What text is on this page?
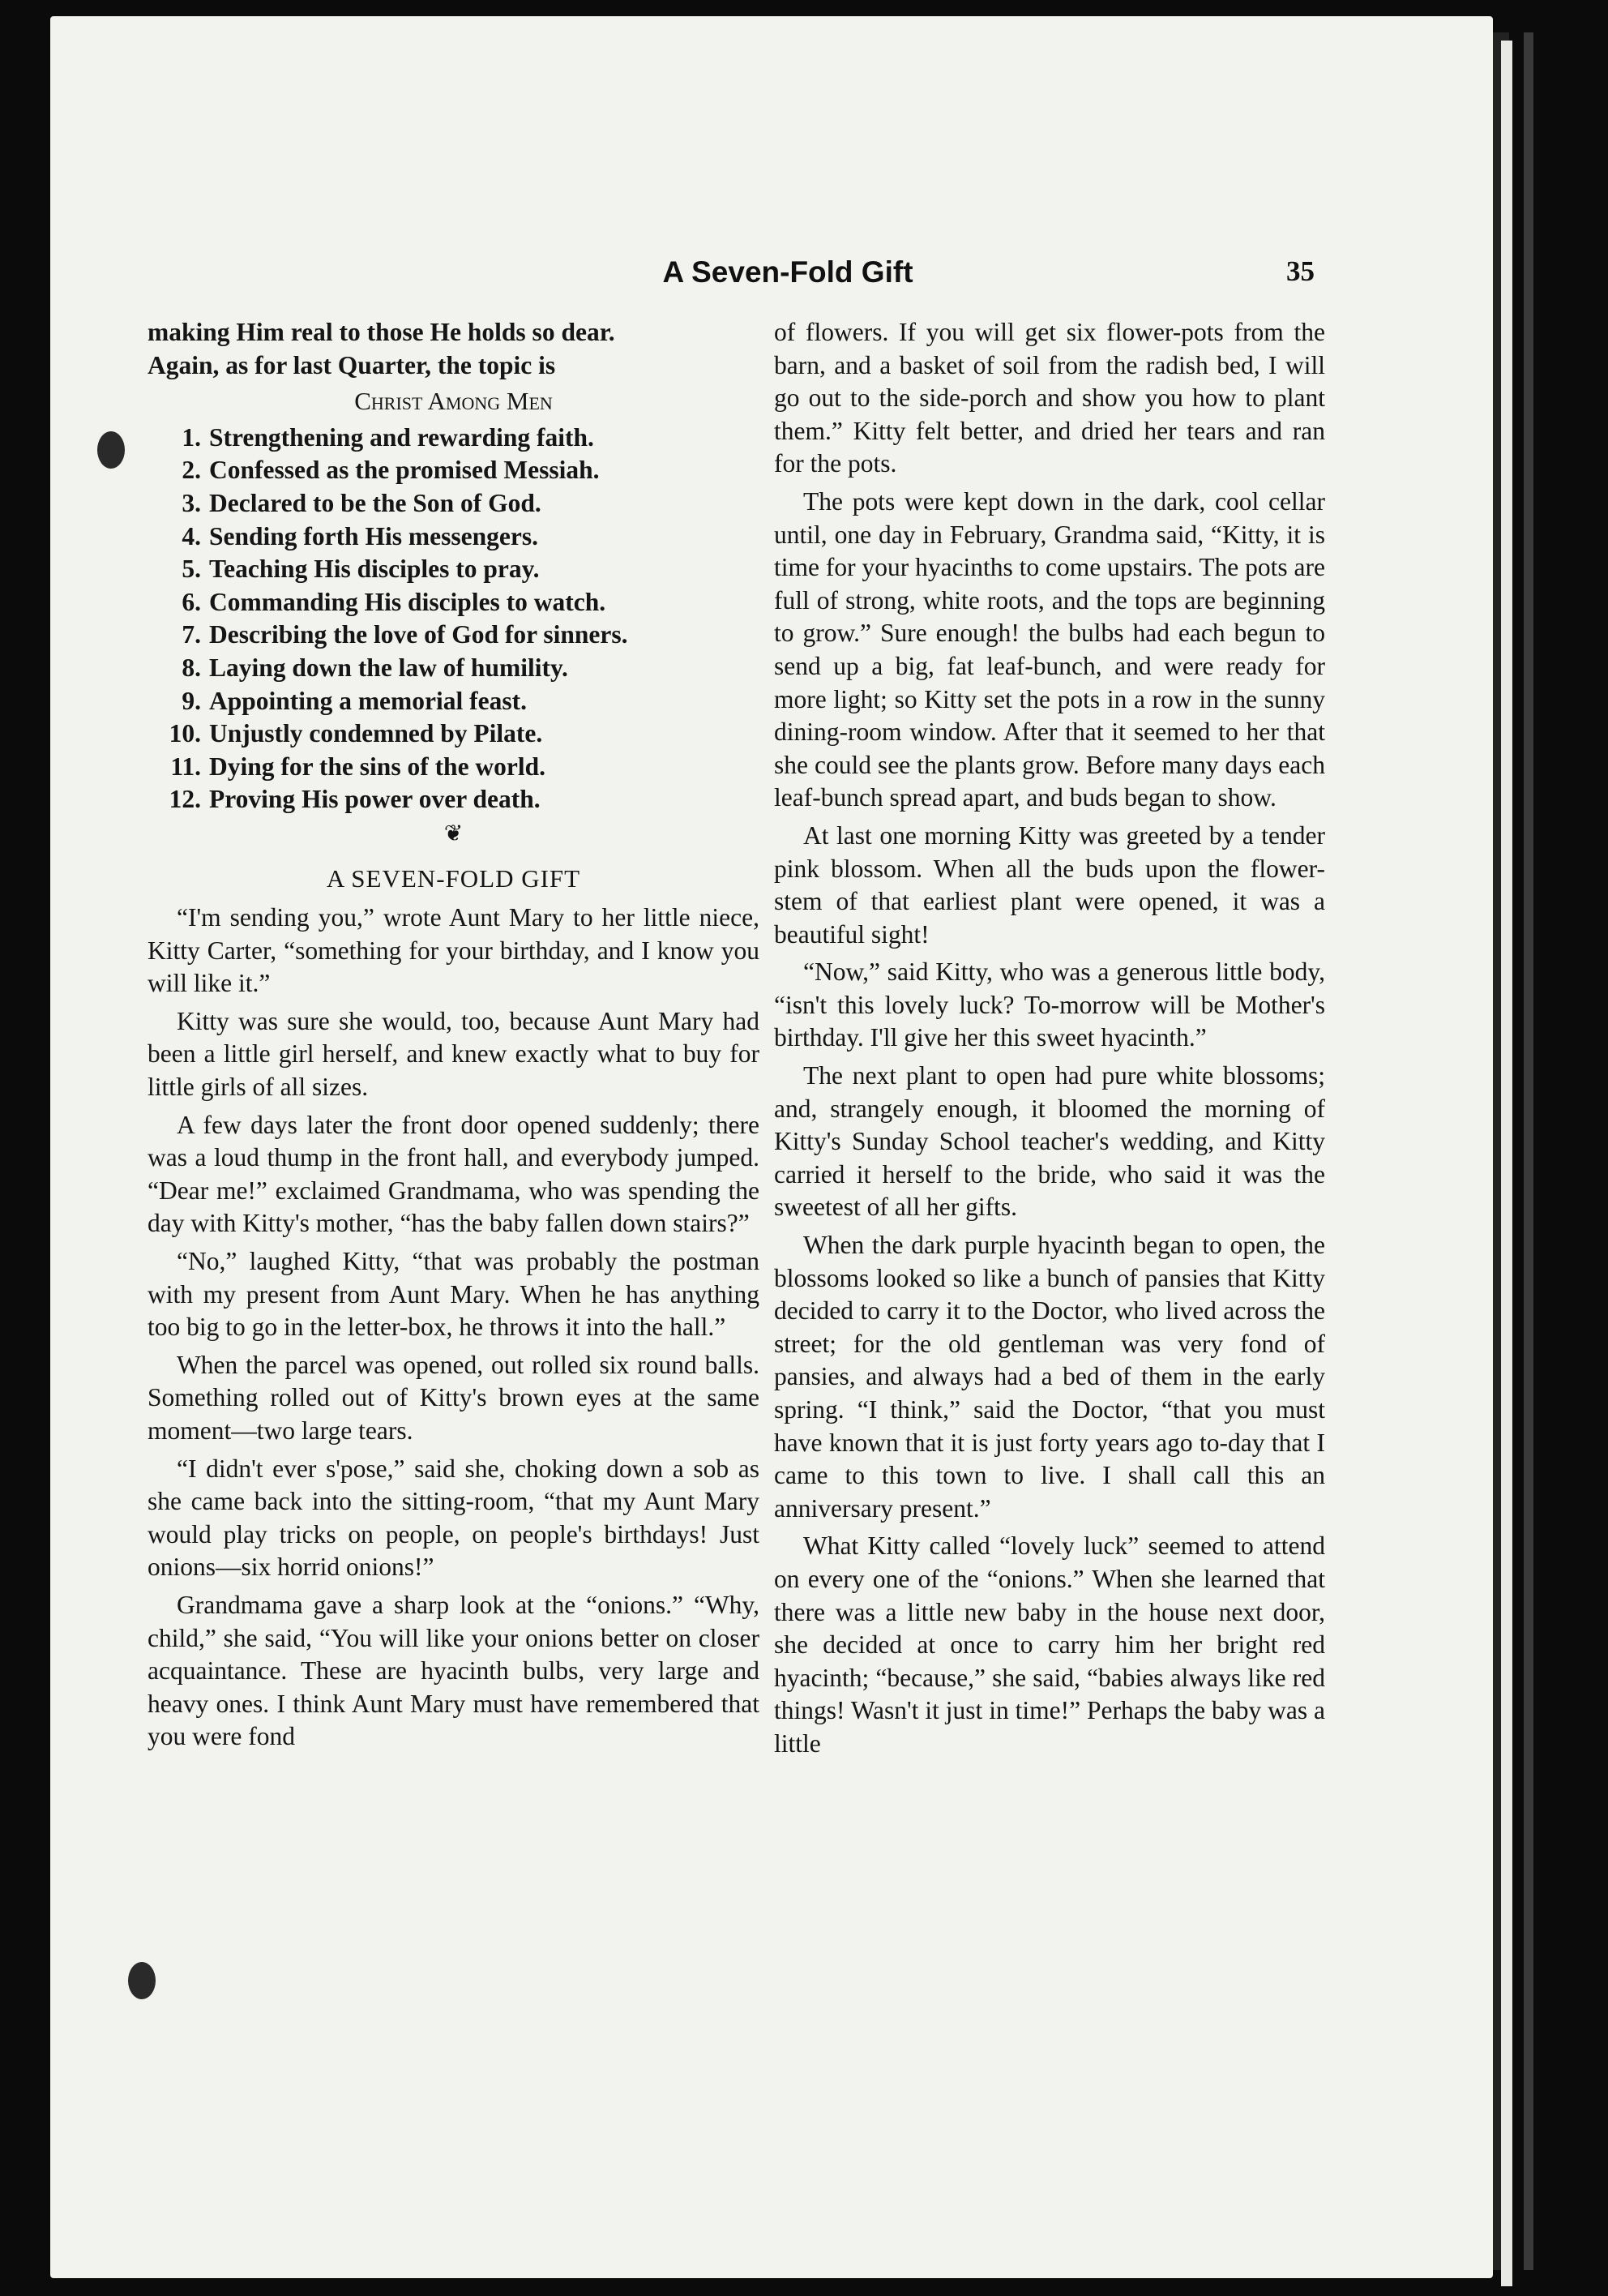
A Seven-Fold Gift	35

making Him real to those He holds so dear.

Again, as for last Quarter, the topic is

Christ Among Men
1. Strengthening and rewarding faith.
2. Confessed as the promised Messiah.
3. Declared to be the Son of God.
4. Sending forth His messengers.
5. Teaching His disciples to pray.
6. Commanding His disciples to watch.
7. Describing the love of God for sinners.
8. Laying down the law of humility.
9. Appointing a memorial feast.
10. Unjustly condemned by Pilate.
11. Dying for the sins of the world.
12. Proving His power over death.
❦
A SEVEN-FOLD GIFT

“I'm sending you,” wrote Aunt Mary to her little niece, Kitty Carter, “something for your birthday, and I know you will like it.”

Kitty was sure she would, too, because Aunt Mary had been a little girl herself, and knew exactly what to buy for little girls of all sizes.

A few days later the front door opened suddenly; there was a loud thump in the front hall, and everybody jumped. “Dear me!” exclaimed Grandmama, who was spending the day with Kitty's mother, “has the baby fallen down stairs?”

“No,” laughed Kitty, “that was probably the postman with my present from Aunt Mary. When he has anything too big to go in the letter-box, he throws it into the hall.”

When the parcel was opened, out rolled six round balls. Something rolled out of Kitty's brown eyes at the same moment—two large tears.

“I didn't ever s'pose,” said she, choking down a sob as she came back into the sitting-room, “that my Aunt Mary would play tricks on people, on people's birthdays! Just onions—six horrid onions!”

Grandmama gave a sharp look at the “onions.” “Why, child,” she said, “You will like your onions better on closer acquaintance. These are hyacinth bulbs, very large and heavy ones. I think Aunt Mary must have remembered that you were fond

of flowers. If you will get six flower-pots from the barn, and a basket of soil from the radish bed, I will go out to the side-porch and show you how to plant them.” Kitty felt better, and dried her tears and ran for the pots.

The pots were kept down in the dark, cool cellar until, one day in February, Grandma said, “Kitty, it is time for your hyacinths to come upstairs. The pots are full of strong, white roots, and the tops are beginning to grow.” Sure enough! the bulbs had each begun to send up a big, fat leaf-bunch, and were ready for more light; so Kitty set the pots in a row in the sunny dining-room window. After that it seemed to her that she could see the plants grow. Before many days each leaf-bunch spread apart, and buds began to show.

At last one morning Kitty was greeted by a tender pink blossom. When all the buds upon the flower-stem of that earliest plant were opened, it was a beautiful sight!

“Now,” said Kitty, who was a generous little body, “isn't this lovely luck? To-morrow will be Mother's birthday. I'll give her this sweet hyacinth.”

The next plant to open had pure white blossoms; and, strangely enough, it bloomed the morning of Kitty's Sunday School teacher's wedding, and Kitty carried it herself to the bride, who said it was the sweetest of all her gifts.

When the dark purple hyacinth began to open, the blossoms looked so like a bunch of pansies that Kitty decided to carry it to the Doctor, who lived across the street; for the old gentleman was very fond of pansies, and always had a bed of them in the early spring. “I think,” said the Doctor, “that you must have known that it is just forty years ago to-day that I came to this town to live. I shall call this an anniversary present.”

What Kitty called “lovely luck” seemed to attend on every one of the “onions.” When she learned that there was a little new baby in the house next door, she decided at once to carry him her bright red hyacinth; “because,” she said, “babies always like red things! Wasn't it just in time!” Perhaps the baby was a little
